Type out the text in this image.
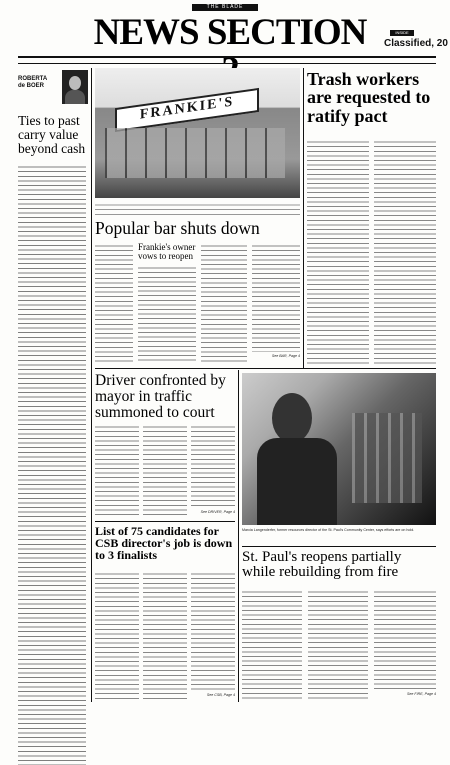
THE BLADE
NEWS SECTION	INSIDE
Classified, 20
ROBERTA
de BOER
Ties to past carry value beyond cash
FRANKIE'S
Popular bar shuts down
Frankie's owner vows to reopen
See BAR, Page 4
Trash workers are requested to ratify pact
Driver confronted by mayor in traffic summoned to court
See DRIVER, Page 4
List of 75 candidates for CSB director's job is down to 3 finalists
See CSB, Page 4
Marcia Langenderfer, former resources director of the St. Paul's Community Center, says efforts are on hold.
St. Paul's reopens partially while rebuilding from fire
See FIRE, Page 4
